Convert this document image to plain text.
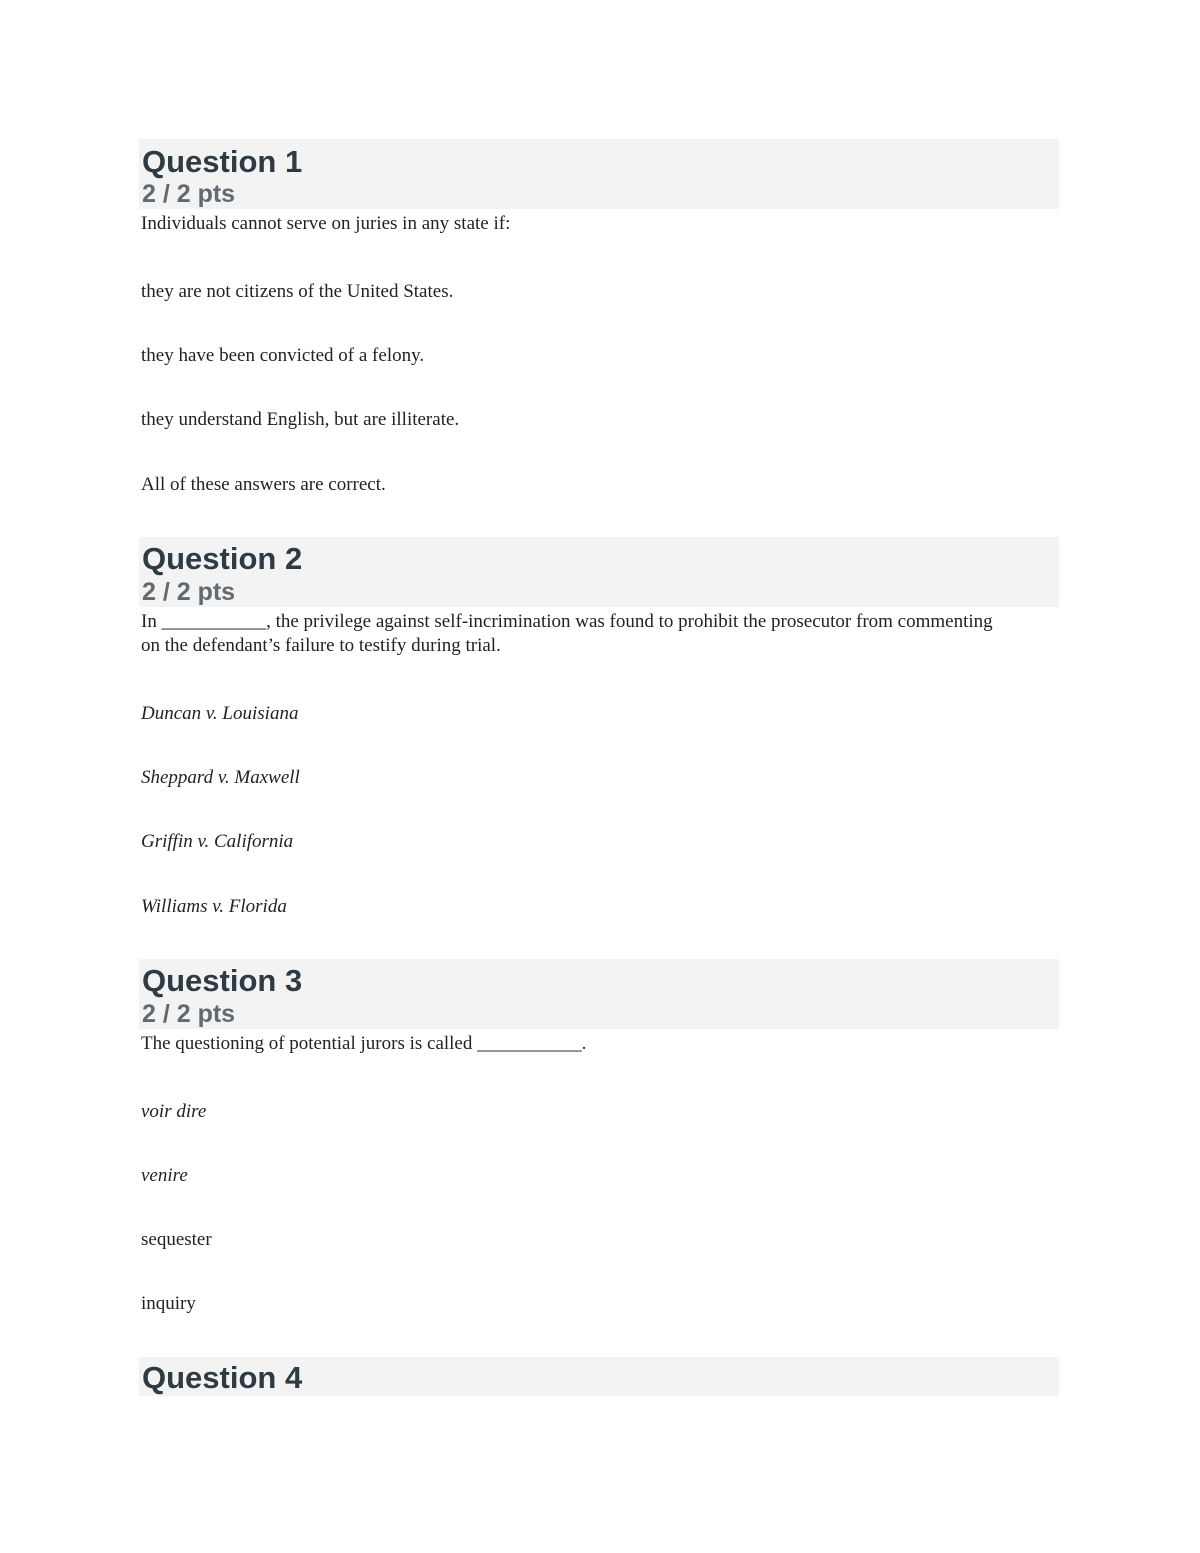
Question 1
2 / 2 pts
Individuals cannot serve on juries in any state if:
they are not citizens of the United States.
they have been convicted of a felony.
they understand English, but are illiterate.
All of these answers are correct.
Question 2
2 / 2 pts
In ___________, the privilege against self-incrimination was found to prohibit the prosecutor from commenting on the defendant’s failure to testify during trial.
Duncan v. Louisiana
Sheppard v. Maxwell
Griffin v. California
Williams v. Florida
Question 3
2 / 2 pts
The questioning of potential jurors is called ___________.
voir dire
venire
sequester
inquiry
Question 4
